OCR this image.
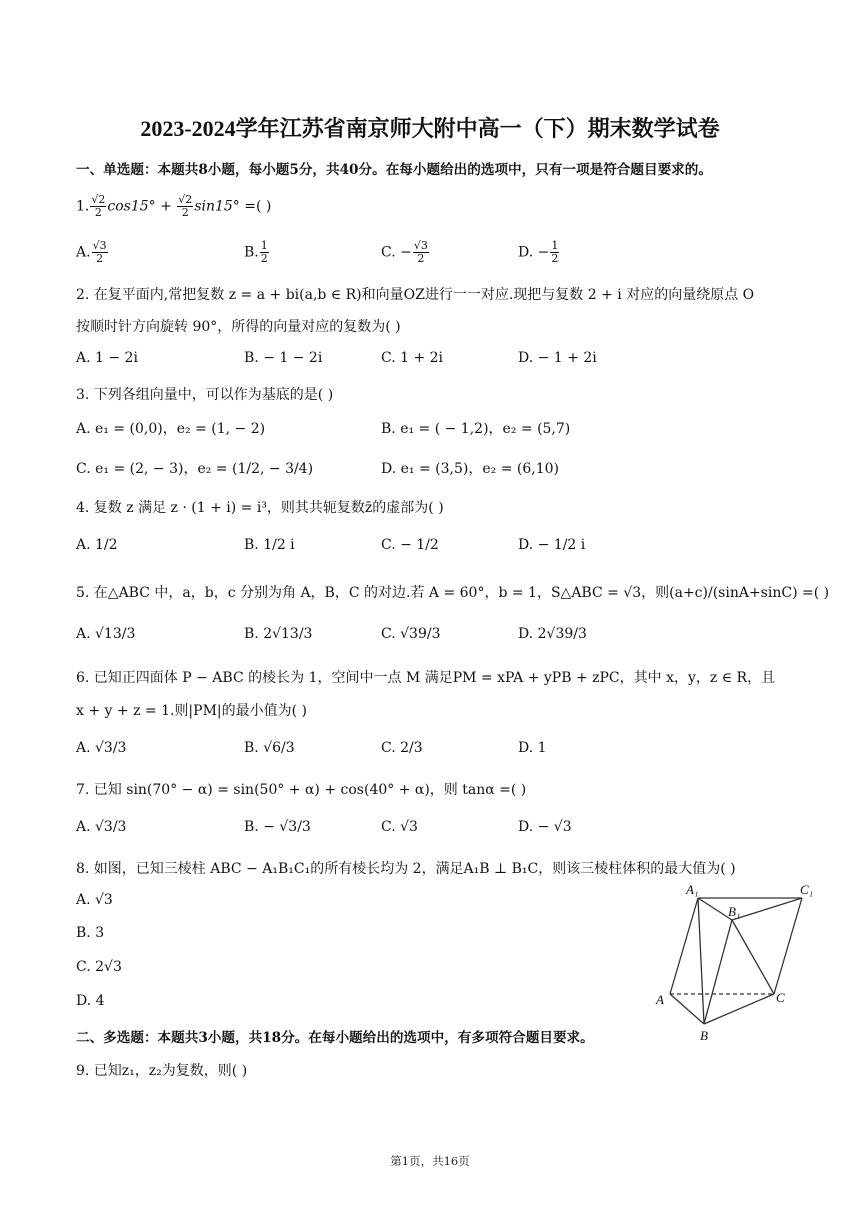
2023-2024学年江苏省南京师大附中高一（下）期末数学试卷
一、单选题：本题共8小题，每小题5分，共40分。在每小题给出的选项中，只有一项是符合题目要求的。
1. $\frac{√2}{2} \cos 15^\circ + \frac{√2}{2} \sin 15^\circ$ =( )
A. $\frac{√3}{2}$	B. $\frac{1}{2}$	C. − $\frac{√3}{2}$	D. − $\frac{1}{2}$
2. 在复平面内,常把复数 z = a + bi(a,b ∈ R)和向量OZ进行一一对应.现把与复数 2 + i 对应的向量绕原点 O
按顺时针方向旋转 90°，所得的向量对应的复数为( )
A. 1 − 2i	B. − 1 − 2i	C. 1 + 2i	D. − 1 + 2i
3. 下列各组向量中，可以作为基底的是( )
A. e₁ = (0,0)，e₂ = (1, − 2)	B. e₁ = ( − 1,2)，e₂ = (5,7)
C. e₁ = (2, − 3)，e₂ = (1/2, − 3/4)	D. e₁ = (3,5)，e₂ = (6,10)
4. 复数 z 满足 z · (1 + i) = i³，则其共轭复数z̄的虚部为( )
A. 1/2	B. 1/2 i	C. − 1/2	D. − 1/2 i
5. 在△ABC 中，a，b，c 分别为角 A，B，C 的对边.若 A = 60°，b = 1，S△ABC = √3，则(a+c)/(sinA+sinC) =( )
A. √13/3	B. 2√13/3	C. √39/3	D. 2√39/3
6. 已知正四面体 P − ABC 的棱长为 1，空间中一点 M 满足PM = xPA + yPB + zPC，其中 x，y，z ∈ R，且
x + y + z = 1.则|PM|的最小值为( )
A. √3/3	B. √6/3	C. 2/3	D. 1
7. 已知 sin(70° − α) = sin(50° + α) + cos(40° + α)，则 tanα =( )
A. √3/3	B. − √3/3	C. √3	D. − √3
8. 如图，已知三棱柱 ABC − A₁B₁C₁的所有棱长均为 2，满足A₁B ⊥ B₁C，则该三棱柱体积的最大值为( )
A. √3
B. 3
C. 2√3
D. 4
A₁
B₁
C₁
A
B
C
二、多选题：本题共3小题，共18分。在每小题给出的选项中，有多项符合题目要求。
9. 已知z₁，z₂为复数，则( )
第1页，共16页
